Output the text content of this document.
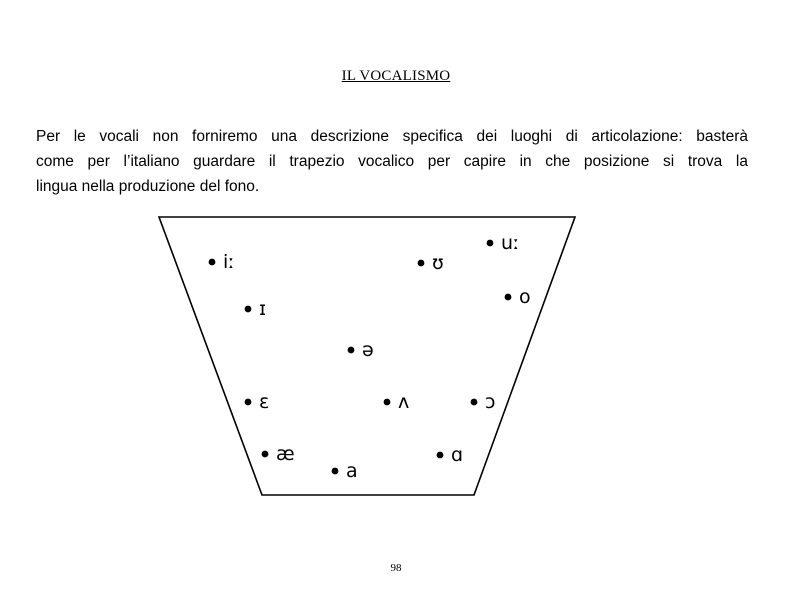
IL VOCALISMO

Per le vocali non forniremo una descrizione specifica dei luoghi di articolazione: basterà
come per l’italiano guardare il trapezio vocalico per capire in che posizione si trova la
lingua nella produzione del fono.

iː
ɪ
ʊ
uː
o
ə
ɛ	ʌ	ɔ
æ
a
ɑ
98
